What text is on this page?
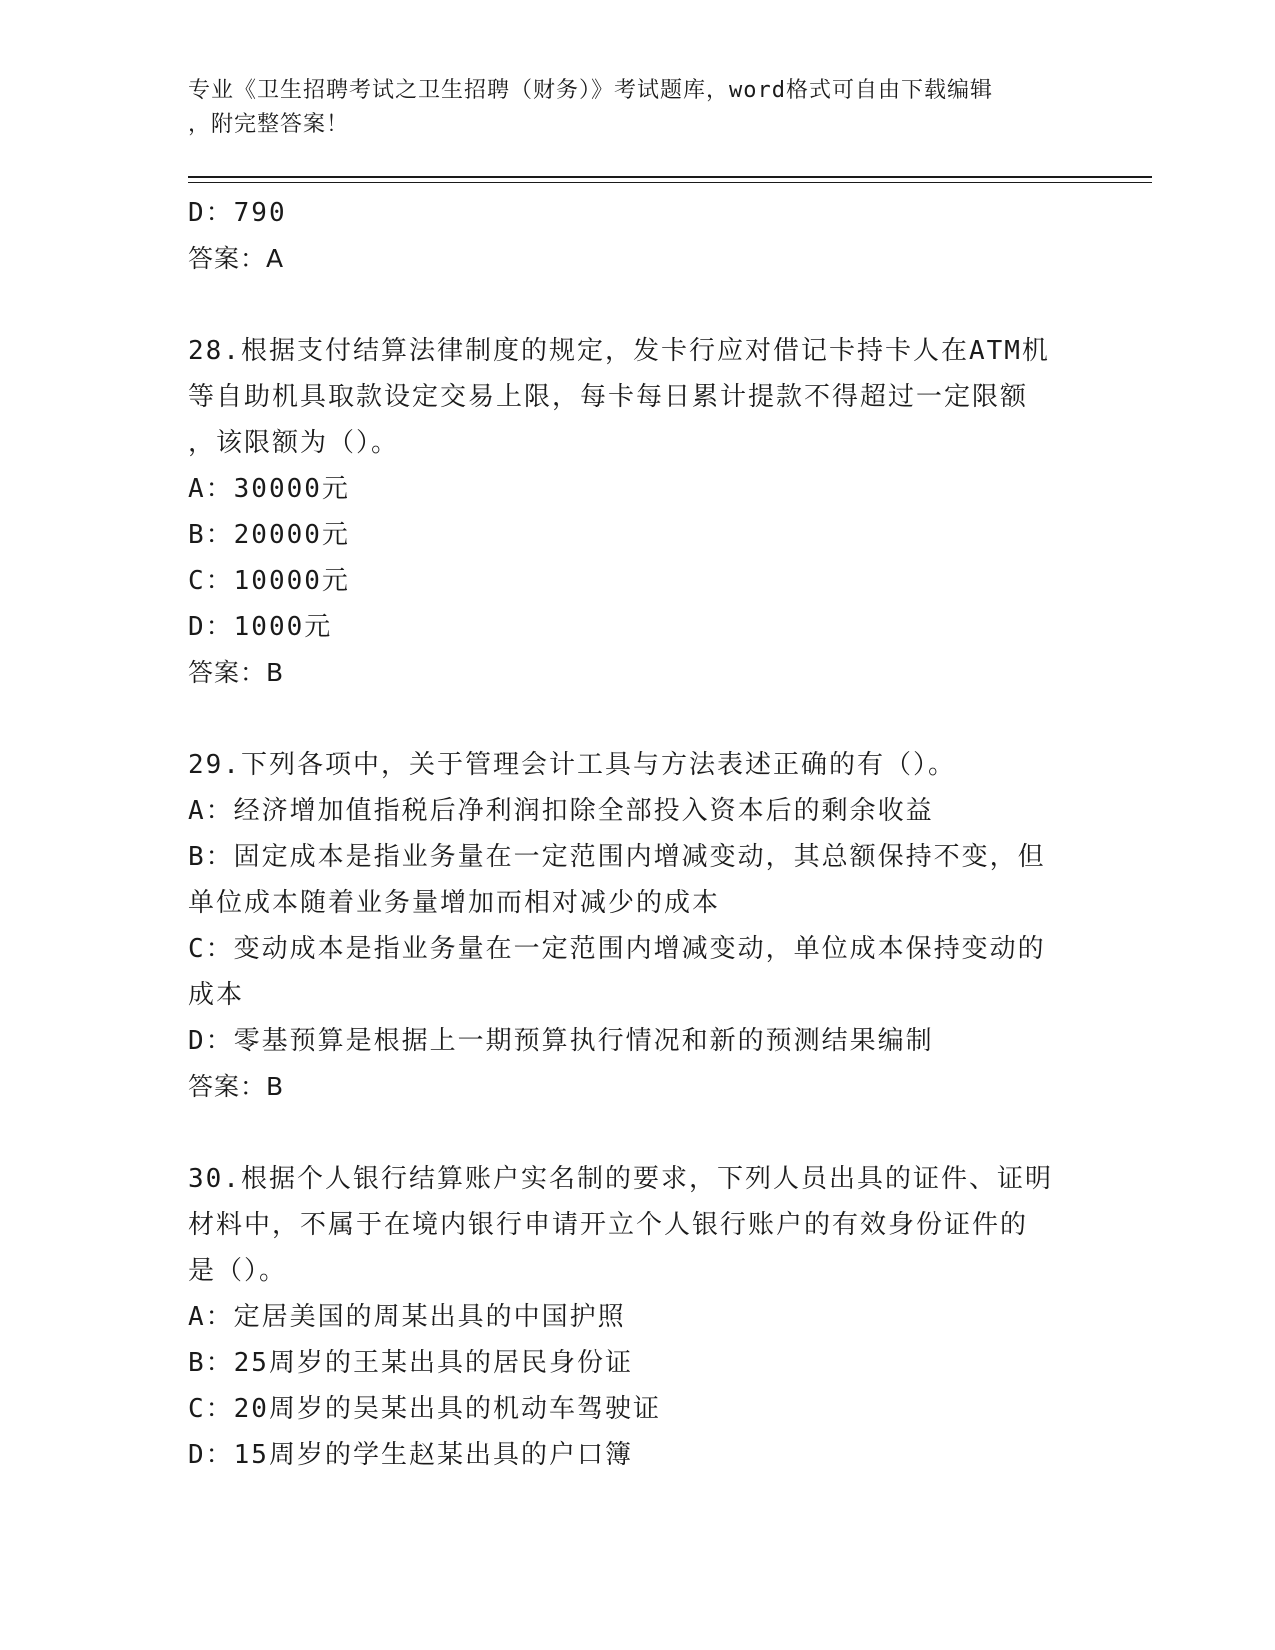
专业《卫生招聘考试之卫生招聘（财务）》考试题库，word格式可自由下载编辑
，附完整答案！
D：790
答案：A
28.根据支付结算法律制度的规定，发卡行应对借记卡持卡人在ATM机
等自助机具取款设定交易上限，每卡每日累计提款不得超过一定限额
，该限额为（）。
A：30000元
B：20000元
C：10000元
D：1000元
答案：B
29.下列各项中，关于管理会计工具与方法表述正确的有（）。
A：经济增加值指税后净利润扣除全部投入资本后的剩余收益
B：固定成本是指业务量在一定范围内增减变动，其总额保持不变，但
单位成本随着业务量增加而相对减少的成本
C：变动成本是指业务量在一定范围内增减变动，单位成本保持变动的
成本
D：零基预算是根据上一期预算执行情况和新的预测结果编制
答案：B
30.根据个人银行结算账户实名制的要求，下列人员出具的证件、证明
材料中，不属于在境内银行申请开立个人银行账户的有效身份证件的
是（）。
A：定居美国的周某出具的中国护照
B：25周岁的王某出具的居民身份证
C：20周岁的吴某出具的机动车驾驶证
D：15周岁的学生赵某出具的户口簿
